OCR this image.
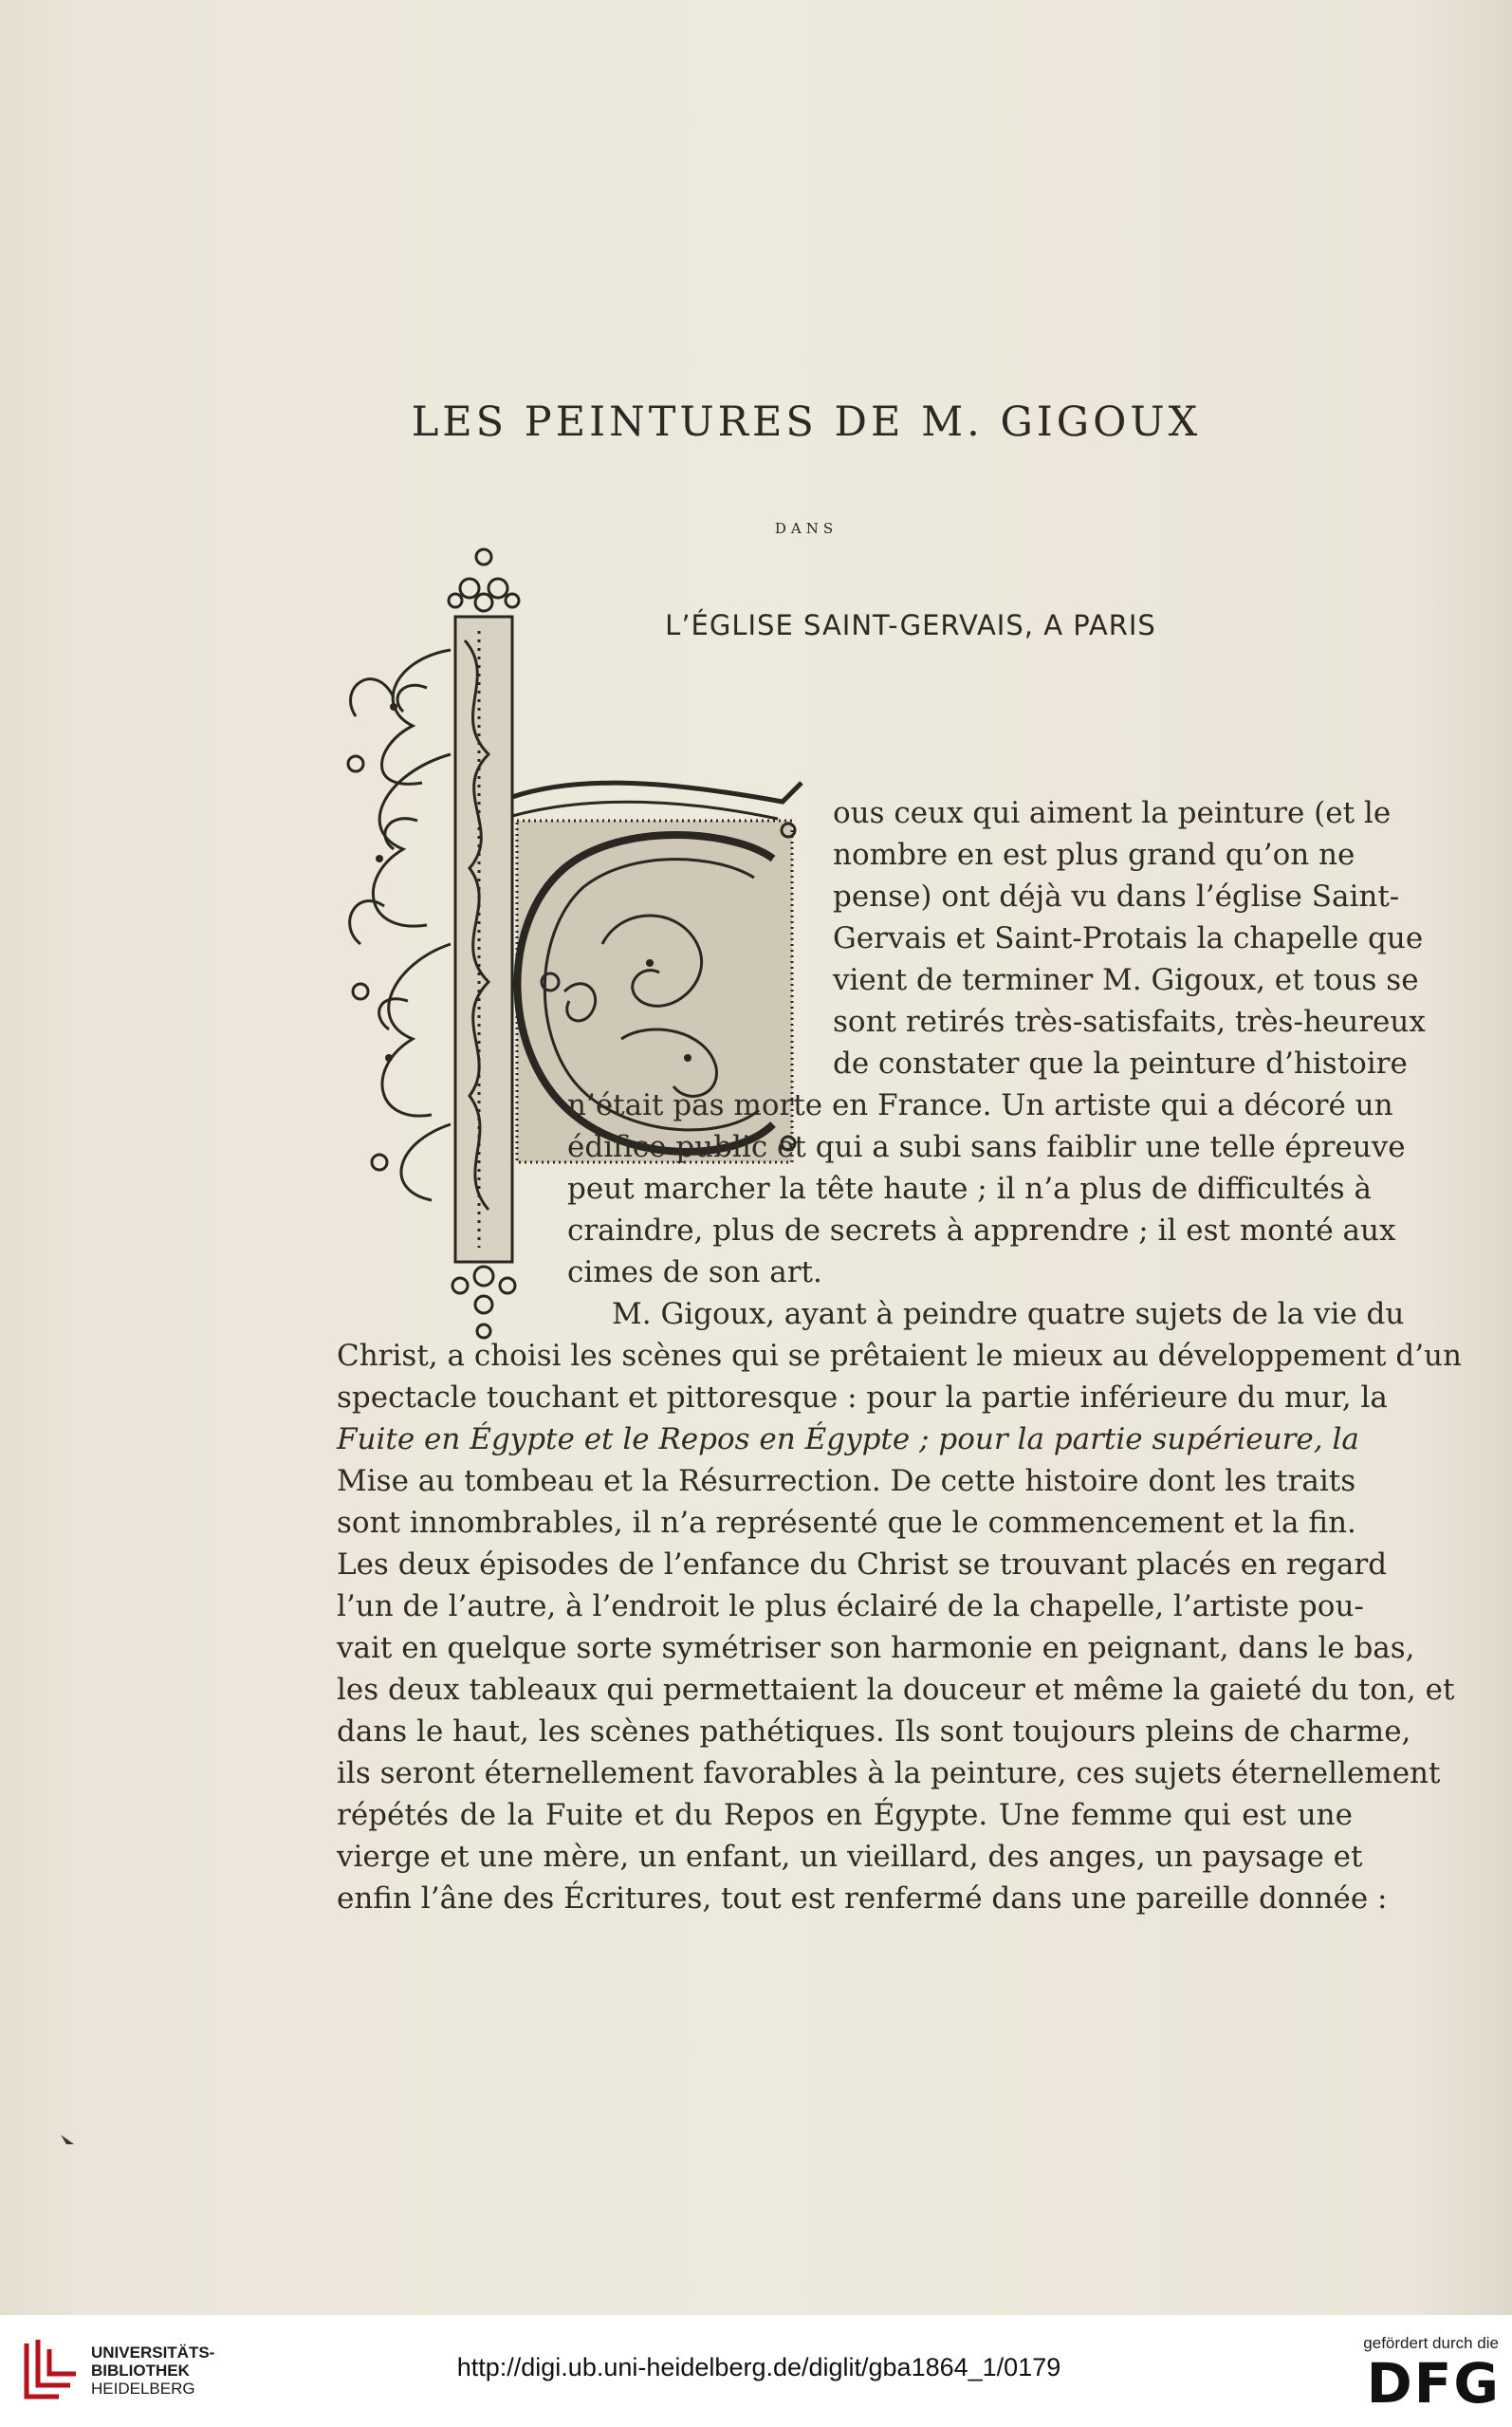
LES PEINTURES DE M. GIGOUX
DANS
L’ÉGLISE SAINT-GERVAIS, A PARIS
ous ceux qui aiment la peinture (et le
nombre en est plus grand qu’on ne
pense) ont déjà vu dans l’église Saint-
Gervais et Saint-Protais la chapelle que
vient de terminer M. Gigoux, et tous se
sont retirés très-satisfaits, très-heureux
de constater que la peinture d’histoire
n’était pas morte en France. Un artiste qui a décoré un
édifice public et qui a subi sans faiblir une telle épreuve
peut marcher la tête haute ; il n’a plus de difficultés à
craindre, plus de secrets à apprendre ; il est monté aux
cimes de son art.
M. Gigoux, ayant à peindre quatre sujets de la vie du
Christ, a choisi les scènes qui se prêtaient le mieux au développement d’un
spectacle touchant et pittoresque : pour la partie inférieure du mur, la
Fuite en Égypte et le Repos en Égypte ; pour la partie supérieure, la
Mise au tombeau et la Résurrection. De cette histoire dont les traits
sont innombrables, il n’a représenté que le commencement et la fin.
Les deux épisodes de l’enfance du Christ se trouvant placés en regard
l’un de l’autre, à l’endroit le plus éclairé de la chapelle, l’artiste pou-
vait en quelque sorte symétriser son harmonie en peignant, dans le bas,
les deux tableaux qui permettaient la douceur et même la gaieté du ton, et
dans le haut, les scènes pathétiques. Ils sont toujours pleins de charme,
ils seront éternellement favorables à la peinture, ces sujets éternellement
répétés de la Fuite et du Repos en Égypte. Une femme qui est une
vierge et une mère, un enfant, un vieillard, des anges, un paysage et
enfin l’âne des Écritures, tout est renfermé dans une pareille donnée :
UNIVERSITÄTS-
BIBLIOTHEK
HEIDELBERG
http://digi.ub.uni-heidelberg.de/diglit/gba1864_1/0179
gefördert durch die
DFG
